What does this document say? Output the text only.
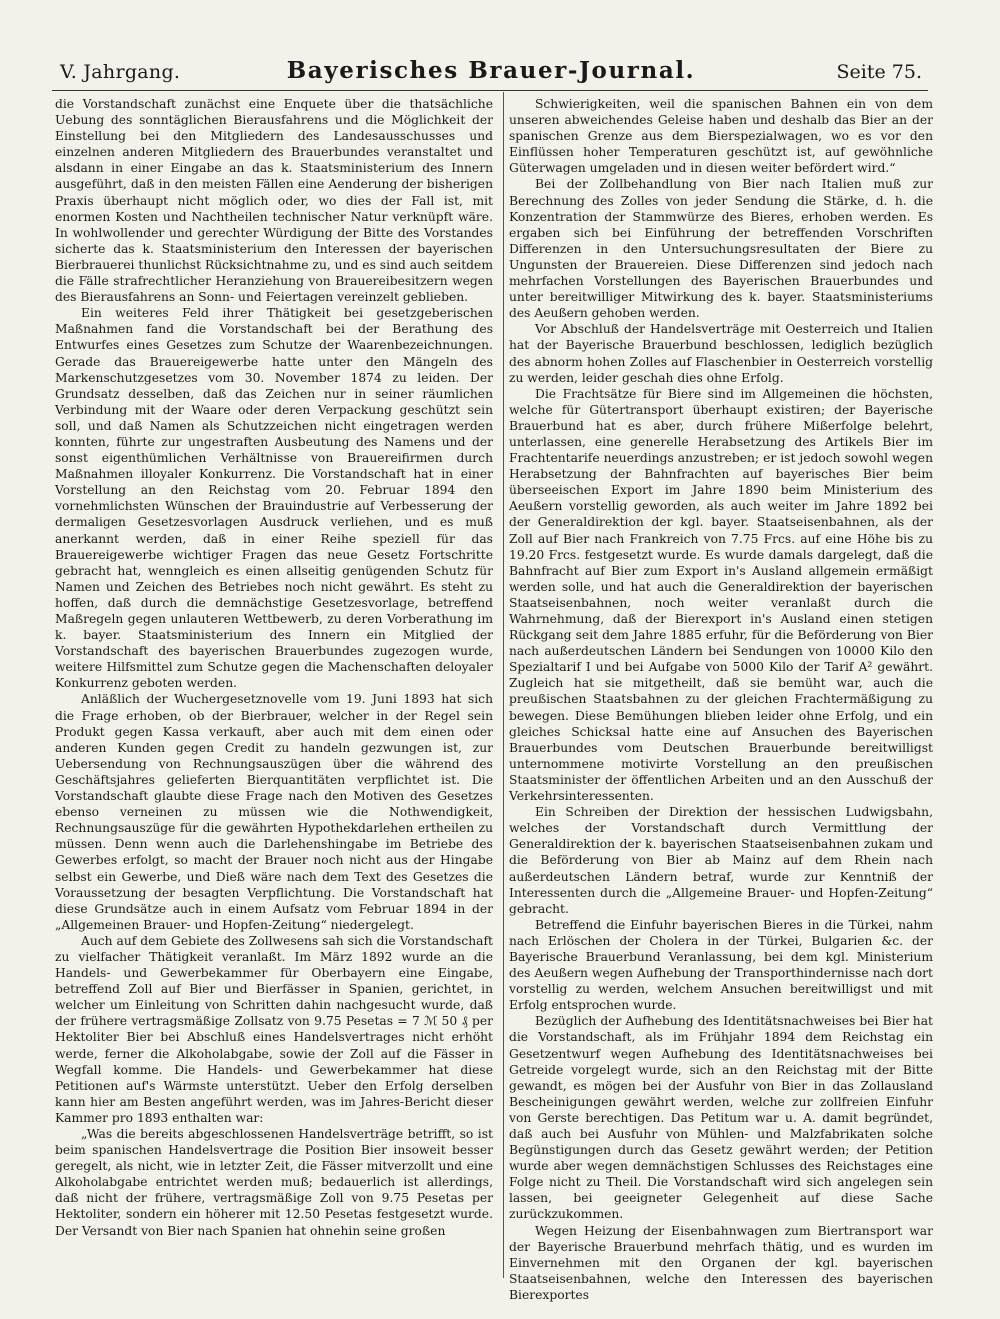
V. Jahrgang.	Bayerisches Brauer-Journal.	Seite 75.

die Vorstandschaft zunächst eine Enquete über die thatsächliche Uebung des sonntäglichen Bierausfahrens und die Möglichkeit der Einstellung bei den Mitgliedern des Landesausschusses und einzelnen anderen Mitgliedern des Brauerbundes veranstaltet und alsdann in einer Eingabe an das k. Staatsministerium des Innern ausgeführt, daß in den meisten Fällen eine Aenderung der bisherigen Praxis überhaupt nicht möglich oder, wo dies der Fall ist, mit enormen Kosten und Nachtheilen technischer Natur verknüpft wäre. In wohlwollender und gerechter Würdigung der Bitte des Vorstandes sicherte das k. Staatsministerium den Interessen der bayerischen Bierbrauerei thunlichst Rücksichtnahme zu, und es sind auch seitdem die Fälle strafrechtlicher Heranziehung von Brauereibesitzern wegen des Bierausfahrens an Sonn- und Feiertagen vereinzelt geblieben.

Ein weiteres Feld ihrer Thätigkeit bei gesetzgeberischen Maßnahmen fand die Vorstandschaft bei der Berathung des Entwurfes eines Gesetzes zum Schutze der Waarenbezeichnungen. Gerade das Brauereigewerbe hatte unter den Mängeln des Markenschutzgesetzes vom 30. November 1874 zu leiden. Der Grundsatz desselben, daß das Zeichen nur in seiner räumlichen Verbindung mit der Waare oder deren Verpackung geschützt sein soll, und daß Namen als Schutzzeichen nicht eingetragen werden konnten, führte zur ungestraften Ausbeutung des Namens und der sonst eigenthümlichen Verhältnisse von Brauereifirmen durch Maßnahmen illoyaler Konkurrenz. Die Vorstandschaft hat in einer Vorstellung an den Reichstag vom 20. Februar 1894 den vornehmlichsten Wünschen der Brauindustrie auf Verbesserung der dermaligen Gesetzesvorlagen Ausdruck verliehen, und es muß anerkannt werden, daß in einer Reihe speziell für das Brauereigewerbe wichtiger Fragen das neue Gesetz Fortschritte gebracht hat, wenngleich es einen allseitig genügenden Schutz für Namen und Zeichen des Betriebes noch nicht gewährt. Es steht zu hoffen, daß durch die demnächstige Gesetzesvorlage, betreffend Maßregeln gegen unlauteren Wettbewerb, zu deren Vorberathung im k. bayer. Staatsministerium des Innern ein Mitglied der Vorstandschaft des bayerischen Brauerbundes zugezogen wurde, weitere Hilfsmittel zum Schutze gegen die Machenschaften deloyaler Konkurrenz geboten werden.

Anläßlich der Wuchergesetznovelle vom 19. Juni 1893 hat sich die Frage erhoben, ob der Bierbrauer, welcher in der Regel sein Produkt gegen Kassa verkauft, aber auch mit dem einen oder anderen Kunden gegen Credit zu handeln gezwungen ist, zur Uebersendung von Rechnungsauszügen über die während des Geschäftsjahres gelieferten Bierquantitäten verpflichtet ist. Die Vorstandschaft glaubte diese Frage nach den Motiven des Gesetzes ebenso verneinen zu müssen wie die Nothwendigkeit, Rechnungsauszüge für die gewährten Hypothekdarlehen ertheilen zu müssen. Denn wenn auch die Darlehenshingabe im Betriebe des Gewerbes erfolgt, so macht der Brauer noch nicht aus der Hingabe selbst ein Gewerbe, und Dieß wäre nach dem Text des Gesetzes die Voraussetzung der besagten Verpflichtung. Die Vorstandschaft hat diese Grundsätze auch in einem Aufsatz vom Februar 1894 in der „Allgemeinen Brauer- und Hopfen-Zeitung“ niedergelegt.

Auch auf dem Gebiete des Zollwesens sah sich die Vorstandschaft zu vielfacher Thätigkeit veranlaßt. Im März 1892 wurde an die Handels- und Gewerbekammer für Oberbayern eine Eingabe, betreffend Zoll auf Bier und Bierfässer in Spanien, gerichtet, in welcher um Einleitung von Schritten dahin nachgesucht wurde, daß der frühere vertragsmäßige Zollsatz von 9.75 Pesetas = 7 ℳ 50 ₰ per Hektoliter Bier bei Abschluß eines Handelsvertrages nicht erhöht werde, ferner die Alkoholabgabe, sowie der Zoll auf die Fässer in Wegfall komme. Die Handels- und Gewerbekammer hat diese Petitionen auf's Wärmste unterstützt. Ueber den Erfolg derselben kann hier am Besten angeführt werden, was im Jahres-Bericht dieser Kammer pro 1893 enthalten war:

„Was die bereits abgeschlossenen Handelsverträge betrifft, so ist beim spanischen Handelsvertrage die Position Bier insoweit besser geregelt, als nicht, wie in letzter Zeit, die Fässer mitverzollt und eine Alkoholabgabe entrichtet werden muß; bedauerlich ist allerdings, daß nicht der frühere, vertragsmäßige Zoll von 9.75 Pesetas per Hektoliter, sondern ein höherer mit 12.50 Pesetas festgesetzt wurde. Der Versandt von Bier nach Spanien hat ohnehin seine großen

Schwierigkeiten, weil die spanischen Bahnen ein von dem unseren abweichendes Geleise haben und deshalb das Bier an der spanischen Grenze aus dem Bierspezialwagen, wo es vor den Einflüssen hoher Temperaturen geschützt ist, auf gewöhnliche Güterwagen umgeladen und in diesen weiter befördert wird.“

Bei der Zollbehandlung von Bier nach Italien muß zur Berechnung des Zolles von jeder Sendung die Stärke, d. h. die Konzentration der Stammwürze des Bieres, erhoben werden. Es ergaben sich bei Einführung der betreffenden Vorschriften Differenzen in den Untersuchungsresultaten der Biere zu Ungunsten der Brauereien. Diese Differenzen sind jedoch nach mehrfachen Vorstellungen des Bayerischen Brauerbundes und unter bereitwilliger Mitwirkung des k. bayer. Staatsministeriums des Aeußern gehoben werden.

Vor Abschluß der Handelsverträge mit Oesterreich und Italien hat der Bayerische Brauerbund beschlossen, lediglich bezüglich des abnorm hohen Zolles auf Flaschenbier in Oesterreich vorstellig zu werden, leider geschah dies ohne Erfolg.

Die Frachtsätze für Biere sind im Allgemeinen die höchsten, welche für Gütertransport überhaupt existiren; der Bayerische Brauerbund hat es aber, durch frühere Mißerfolge belehrt, unterlassen, eine generelle Herabsetzung des Artikels Bier im Frachtentarife neuerdings anzustreben; er ist jedoch sowohl wegen Herabsetzung der Bahnfrachten auf bayerisches Bier beim überseeischen Export im Jahre 1890 beim Ministerium des Aeußern vorstellig geworden, als auch weiter im Jahre 1892 bei der Generaldirektion der kgl. bayer. Staatseisenbahnen, als der Zoll auf Bier nach Frankreich von 7.75 Frcs. auf eine Höhe bis zu 19.20 Frcs. festgesetzt wurde. Es wurde damals dargelegt, daß die Bahnfracht auf Bier zum Export in's Ausland allgemein ermäßigt werden solle, und hat auch die Generaldirektion der bayerischen Staatseisenbahnen, noch weiter veranlaßt durch die Wahrnehmung, daß der Bierexport in's Ausland einen stetigen Rückgang seit dem Jahre 1885 erfuhr, für die Beförderung von Bier nach außerdeutschen Ländern bei Sendungen von 10000 Kilo den Spezialtarif I und bei Aufgabe von 5000 Kilo der Tarif A² gewährt. Zugleich hat sie mitgetheilt, daß sie bemüht war, auch die preußischen Staatsbahnen zu der gleichen Frachtermäßigung zu bewegen. Diese Bemühungen blieben leider ohne Erfolg, und ein gleiches Schicksal hatte eine auf Ansuchen des Bayerischen Brauerbundes vom Deutschen Brauerbunde bereitwilligst unternommene motivirte Vorstellung an den preußischen Staatsminister der öffentlichen Arbeiten und an den Ausschuß der Verkehrsinteressenten.

Ein Schreiben der Direktion der hessischen Ludwigsbahn, welches der Vorstandschaft durch Vermittlung der Generaldirektion der k. bayerischen Staatseisenbahnen zukam und die Beförderung von Bier ab Mainz auf dem Rhein nach außerdeutschen Ländern betraf, wurde zur Kenntniß der Interessenten durch die „Allgemeine Brauer- und Hopfen-Zeitung“ gebracht.

Betreffend die Einfuhr bayerischen Bieres in die Türkei, nahm nach Erlöschen der Cholera in der Türkei, Bulgarien &c. der Bayerische Brauerbund Veranlassung, bei dem kgl. Ministerium des Aeußern wegen Aufhebung der Transporthindernisse nach dort vorstellig zu werden, welchem Ansuchen bereitwilligst und mit Erfolg entsprochen wurde.

Bezüglich der Aufhebung des Identitätsnachweises bei Bier hat die Vorstandschaft, als im Frühjahr 1894 dem Reichstag ein Gesetzentwurf wegen Aufhebung des Identitätsnachweises bei Getreide vorgelegt wurde, sich an den Reichstag mit der Bitte gewandt, es mögen bei der Ausfuhr von Bier in das Zollausland Bescheinigungen gewährt werden, welche zur zollfreien Einfuhr von Gerste berechtigen. Das Petitum war u. A. damit begründet, daß auch bei Ausfuhr von Mühlen- und Malzfabrikaten solche Begünstigungen durch das Gesetz gewährt werden; der Petition wurde aber wegen demnächstigen Schlusses des Reichstages eine Folge nicht zu Theil. Die Vorstandschaft wird sich angelegen sein lassen, bei geeigneter Gelegenheit auf diese Sache zurückzukommen.

Wegen Heizung der Eisenbahnwagen zum Biertransport war der Bayerische Brauerbund mehrfach thätig, und es wurden im Einvernehmen mit den Organen der kgl. bayerischen Staatseisenbahnen, welche den Interessen des bayerischen Bierexportes
